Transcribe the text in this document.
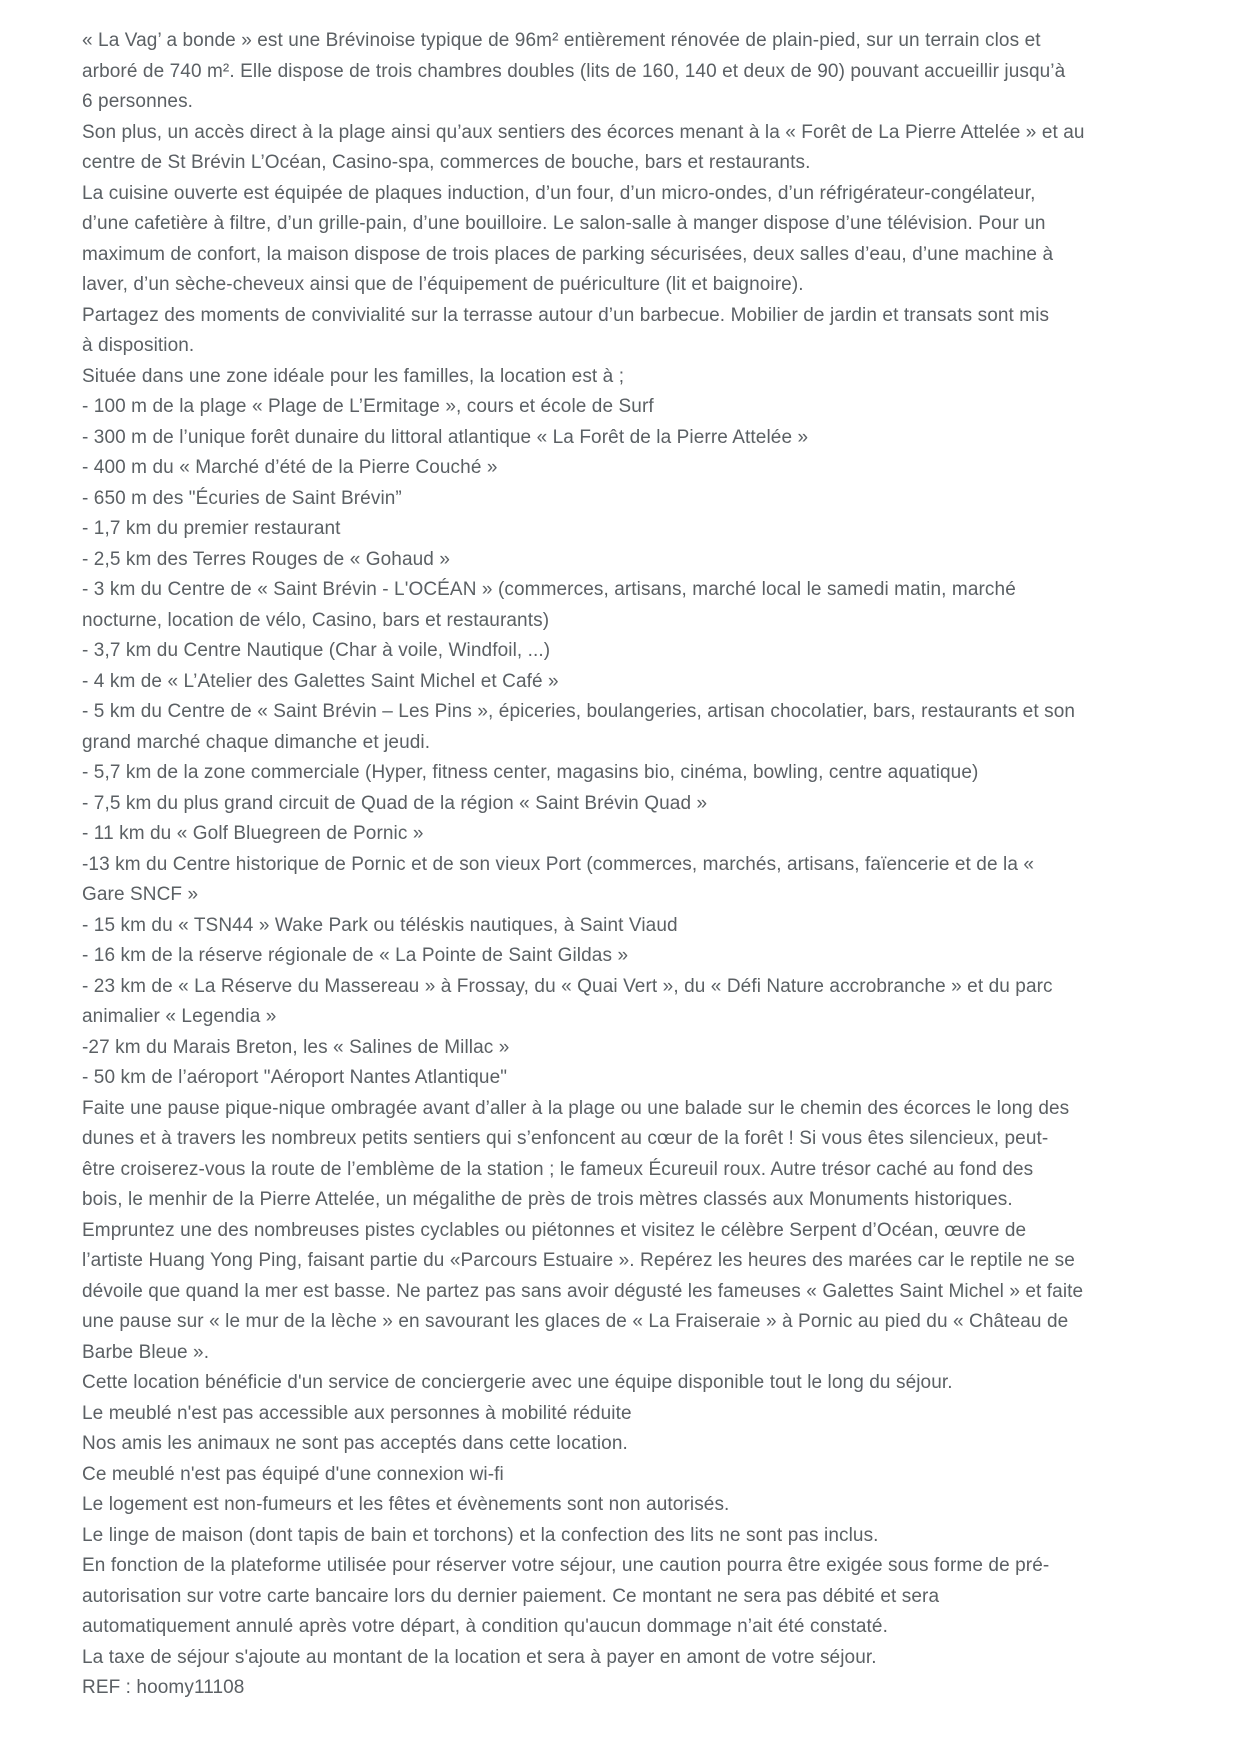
« La Vag’ a bonde » est une Brévinoise typique de 96m² entièrement rénovée de plain-pied, sur un terrain clos et
arboré de 740 m². Elle dispose de trois chambres doubles (lits de 160, 140 et deux de 90) pouvant accueillir jusqu’à
6 personnes.
Son plus, un accès direct à la plage ainsi qu’aux sentiers des écorces menant à la « Forêt de La Pierre Attelée » et au
centre de St Brévin L’Océan, Casino-spa, commerces de bouche, bars et restaurants.
La cuisine ouverte est équipée de plaques induction, d’un four, d’un micro-ondes, d’un réfrigérateur-congélateur,
d’une cafetière à filtre, d’un grille-pain, d’une bouilloire. Le salon-salle à manger dispose d’une télévision. Pour un
maximum de confort, la maison dispose de trois places de parking sécurisées, deux salles d’eau, d’une machine à
laver, d’un sèche-cheveux ainsi que de l’équipement de puériculture (lit et baignoire).
Partagez des moments de convivialité sur la terrasse autour d’un barbecue. Mobilier de jardin et transats sont mis
à disposition.
Située dans une zone idéale pour les familles, la location est à ;
- 100 m de la plage « Plage de L’Ermitage », cours et école de Surf
- 300 m de l’unique forêt dunaire du littoral atlantique « La Forêt de la Pierre Attelée »
- 400 m du « Marché d’été de la Pierre Couché »
- 650 m des "Écuries de Saint Brévin”
- 1,7 km du premier restaurant
- 2,5 km des Terres Rouges de « Gohaud »
- 3 km du Centre de « Saint Brévin - L'OCÉAN » (commerces, artisans, marché local le samedi matin, marché
nocturne, location de vélo, Casino, bars et restaurants)
- 3,7 km du Centre Nautique (Char à voile, Windfoil, ...)
- 4 km de « L’Atelier des Galettes Saint Michel et Café »
- 5 km du Centre de « Saint Brévin – Les Pins », épiceries, boulangeries, artisan chocolatier, bars, restaurants et son
grand marché chaque dimanche et jeudi.
- 5,7 km de la zone commerciale (Hyper, fitness center, magasins bio, cinéma, bowling, centre aquatique)
- 7,5 km du plus grand circuit de Quad de la région « Saint Brévin Quad »
- 11 km du « Golf Bluegreen de Pornic »
-13 km du Centre historique de Pornic et de son vieux Port (commerces, marchés, artisans, faïencerie et de la «
Gare SNCF »
- 15 km du « TSN44 » Wake Park ou téléskis nautiques, à Saint Viaud
- 16 km de la réserve régionale de « La Pointe de Saint Gildas »
- 23 km de « La Réserve du Massereau » à Frossay, du « Quai Vert », du « Défi Nature accrobranche » et du parc
animalier « Legendia »
-27 km du Marais Breton, les « Salines de Millac »
- 50 km de l’aéroport "Aéroport Nantes Atlantique"
Faite une pause pique-nique ombragée avant d’aller à la plage ou une balade sur le chemin des écorces le long des
dunes et à travers les nombreux petits sentiers qui s’enfoncent au cœur de la forêt ! Si vous êtes silencieux, peut-
être croiserez-vous la route de l’emblème de la station ; le fameux Écureuil roux. Autre trésor caché au fond des
bois, le menhir de la Pierre Attelée, un mégalithe de près de trois mètres classés aux Monuments historiques.
Empruntez une des nombreuses pistes cyclables ou piétonnes et visitez le célèbre Serpent d’Océan, œuvre de
l’artiste Huang Yong Ping, faisant partie du «Parcours Estuaire ». Repérez les heures des marées car le reptile ne se
dévoile que quand la mer est basse. Ne partez pas sans avoir dégusté les fameuses « Galettes Saint Michel » et faite
une pause sur « le mur de la lèche » en savourant les glaces de « La Fraiseraie » à Pornic au pied du « Château de
Barbe Bleue ».
Cette location bénéficie d'un service de conciergerie avec une équipe disponible tout le long du séjour.
Le meublé n'est pas accessible aux personnes à mobilité réduite
Nos amis les animaux ne sont pas acceptés dans cette location.
Ce meublé n'est pas équipé d'une connexion wi-fi
Le logement est non-fumeurs et les fêtes et évènements sont non autorisés.
Le linge de maison (dont tapis de bain et torchons) et la confection des lits ne sont pas inclus.
En fonction de la plateforme utilisée pour réserver votre séjour, une caution pourra être exigée sous forme de pré-
autorisation sur votre carte bancaire lors du dernier paiement. Ce montant ne sera pas débité et sera
automatiquement annulé après votre départ, à condition qu'aucun dommage n’ait été constaté.
La taxe de séjour s'ajoute au montant de la location et sera à payer en amont de votre séjour.
REF : hoomy11108
